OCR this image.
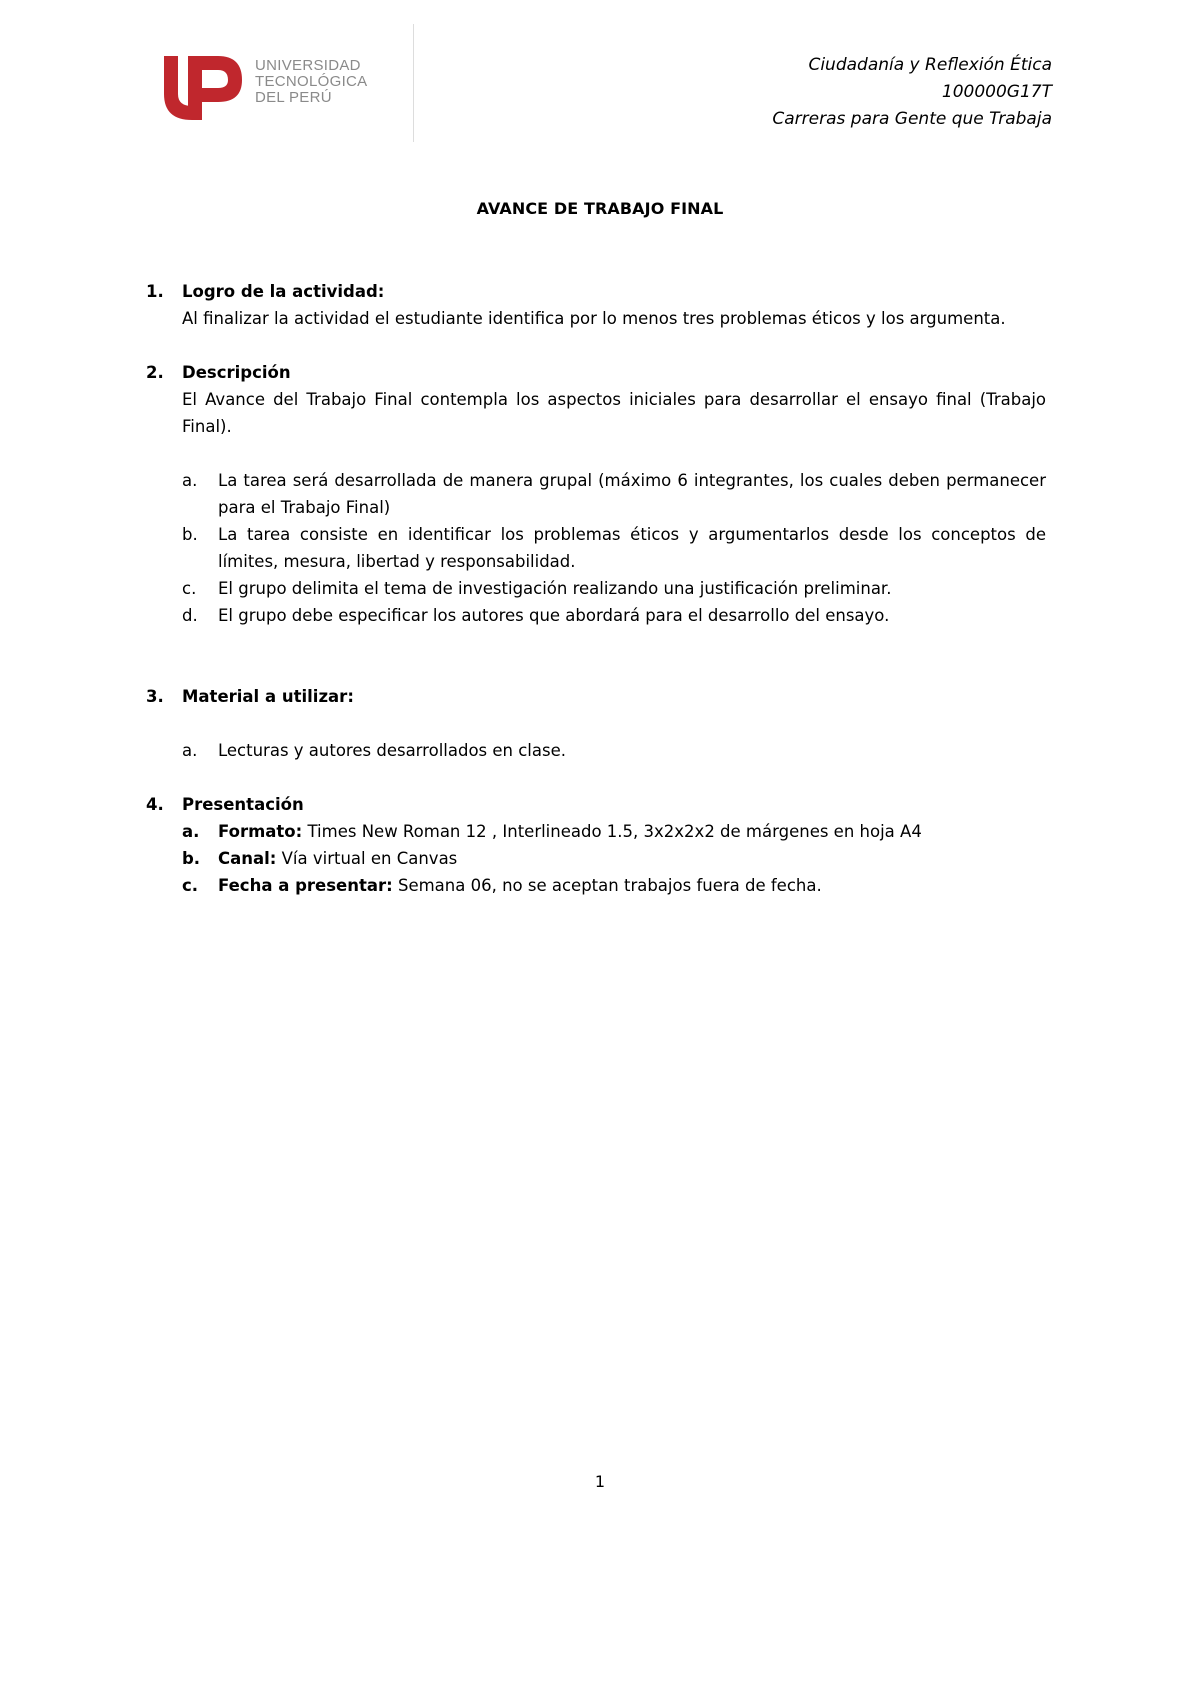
UNIVERSIDAD
TECNOLÓGICA
DEL PERÚ
Ciudadanía y Reflexión Ética
100000G17T
Carreras para Gente que Trabaja
AVANCE DE TRABAJO FINAL
1. Logro de la actividad:
Al finalizar la actividad el estudiante identifica por lo menos tres problemas éticos y los argumenta.
2. Descripción
El Avance del Trabajo Final contempla los aspectos iniciales para desarrollar el ensayo final (Trabajo Final).
a. La tarea será desarrollada de manera grupal (máximo 6 integrantes, los cuales deben permanecer para el Trabajo Final)
b. La tarea consiste en identificar los problemas éticos y argumentarlos desde los conceptos de límites, mesura, libertad y responsabilidad.
c. El grupo delimita el tema de investigación realizando una justificación preliminar.
d. El grupo debe especificar los autores que abordará para el desarrollo del ensayo.
3. Material a utilizar:
a. Lecturas y autores desarrollados en clase.
4. Presentación
a. Formato: Times New Roman 12 , Interlineado 1.5, 3x2x2x2 de márgenes en hoja A4
b. Canal: Vía virtual en Canvas
c. Fecha a presentar: Semana 06, no se aceptan trabajos fuera de fecha.
1
